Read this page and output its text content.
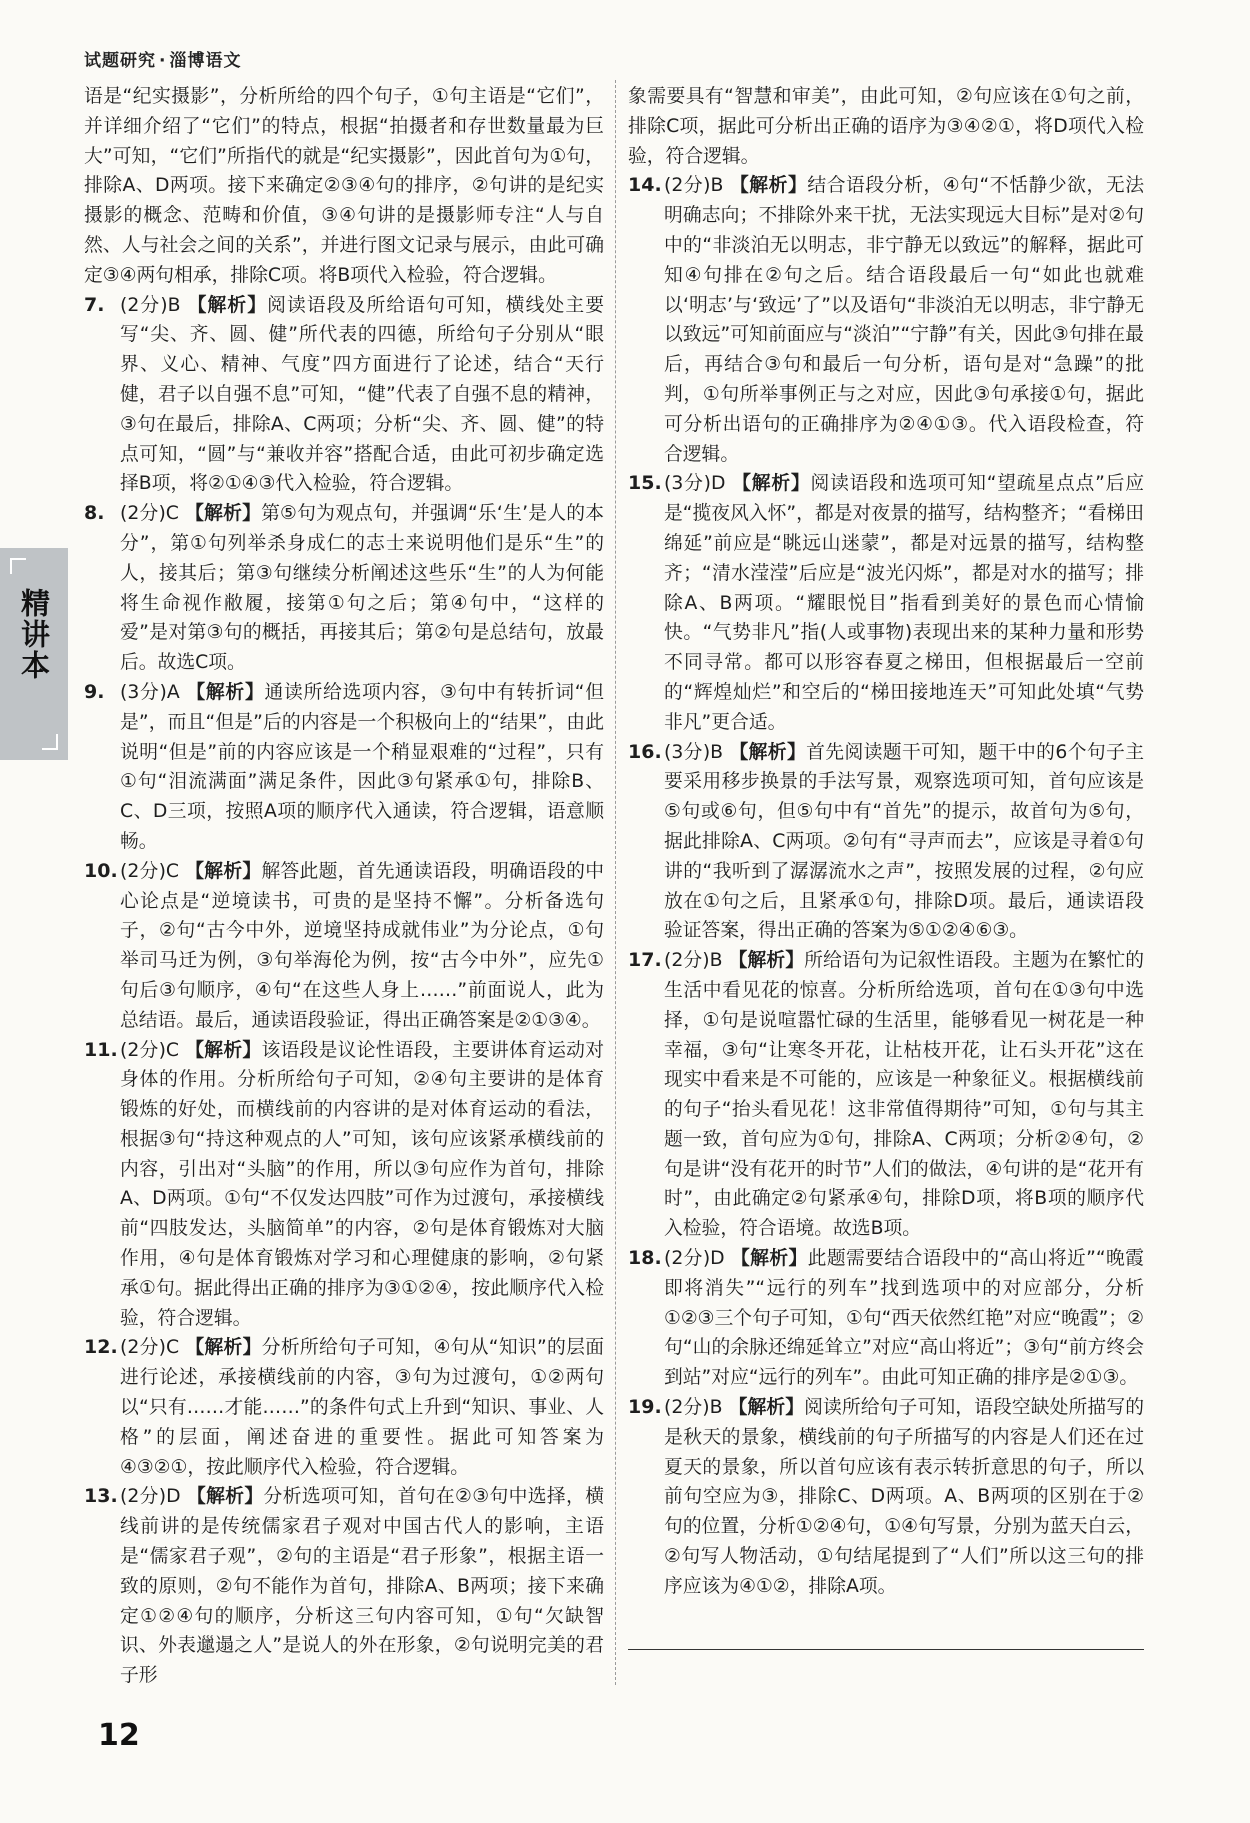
试题研究 · 淄博语文
精讲本
语是“纪实摄影”，分析所给的四个句子，①句主语是“它们”，并详细介绍了“它们”的特点，根据“拍摄者和存世数量最为巨大”可知，“它们”所指代的就是“纪实摄影”，因此首句为①句，排除A、D两项。接下来确定②③④句的排序，②句讲的是纪实摄影的概念、范畴和价值，③④句讲的是摄影师专注“人与自然、人与社会之间的关系”，并进行图文记录与展示，由此可确定③④两句相承，排除C项。将B项代入检验，符合逻辑。
7. (2分)B 【解析】阅读语段及所给语句可知，横线处主要写“尖、齐、圆、健”所代表的四德，所给句子分别从“眼界、义心、精神、气度”四方面进行了论述，结合“天行健，君子以自强不息”可知，“健”代表了自强不息的精神，③句在最后，排除A、C两项；分析“尖、齐、圆、健”的特点可知，“圆”与“兼收并容”搭配合适，由此可初步确定选择B项，将②①④③代入检验，符合逻辑。
8. (2分)C 【解析】第⑤句为观点句，并强调“乐‘生’是人的本分”，第①句列举杀身成仁的志士来说明他们是乐“生”的人，接其后；第③句继续分析阐述这些乐“生”的人为何能将生命视作敝履，接第①句之后；第④句中，“这样的爱”是对第③句的概括，再接其后；第②句是总结句，放最后。故选C项。
9. (3分)A 【解析】通读所给选项内容，③句中有转折词“但是”，而且“但是”后的内容是一个积极向上的“结果”，由此说明“但是”前的内容应该是一个稍显艰难的“过程”，只有①句“泪流满面”满足条件，因此③句紧承①句，排除B、C、D三项，按照A项的顺序代入通读，符合逻辑，语意顺畅。
10. (2分)C 【解析】解答此题，首先通读语段，明确语段的中心论点是“逆境读书，可贵的是坚持不懈”。分析备选句子，②句“古今中外，逆境坚持成就伟业”为分论点，①句举司马迁为例，③句举海伦为例，按“古今中外”，应先①句后③句顺序，④句“在这些人身上……”前面说人，此为总结语。最后，通读语段验证，得出正确答案是②①③④。
11. (2分)C 【解析】该语段是议论性语段，主要讲体育运动对身体的作用。分析所给句子可知，②④句主要讲的是体育锻炼的好处，而横线前的内容讲的是对体育运动的看法，根据③句“持这种观点的人”可知，该句应该紧承横线前的内容，引出对“头脑”的作用，所以③句应作为首句，排除A、D两项。①句“不仅发达四肢”可作为过渡句，承接横线前“四肢发达，头脑简单”的内容，②句是体育锻炼对大脑作用，④句是体育锻炼对学习和心理健康的影响，②句紧承①句。据此得出正确的排序为③①②④，按此顺序代入检验，符合逻辑。
12. (2分)C 【解析】分析所给句子可知，④句从“知识”的层面进行论述，承接横线前的内容，③句为过渡句，①②两句以“只有……才能……”的条件句式上升到“知识、事业、人格”的层面，阐述奋进的重要性。据此可知答案为④③②①，按此顺序代入检验，符合逻辑。
13. (2分)D 【解析】分析选项可知，首句在②③句中选择，横线前讲的是传统儒家君子观对中国古代人的影响，主语是“儒家君子观”，②句的主语是“君子形象”，根据主语一致的原则，②句不能作为首句，排除A、B两项；接下来确定①②④句的顺序，分析这三句内容可知，①句“欠缺智识、外表邋遢之人”是说人的外在形象，②句说明完美的君子形
象需要具有“智慧和审美”，由此可知，②句应该在①句之前，排除C项，据此可分析出正确的语序为③④②①，将D项代入检验，符合逻辑。
14. (2分)B 【解析】结合语段分析，④句“不恬静少欲，无法明确志向；不排除外来干扰，无法实现远大目标”是对②句中的“非淡泊无以明志，非宁静无以致远”的解释，据此可知④句排在②句之后。结合语段最后一句“如此也就难以‘明志’与‘致远’了”以及语句“非淡泊无以明志，非宁静无以致远”可知前面应与“淡泊”“宁静”有关，因此③句排在最后，再结合③句和最后一句分析，语句是对“急躁”的批判，①句所举事例正与之对应，因此③句承接①句，据此可分析出语句的正确排序为②④①③。代入语段检查，符合逻辑。
15. (3分)D 【解析】阅读语段和选项可知“望疏星点点”后应是“揽夜风入怀”，都是对夜景的描写，结构整齐；“看梯田绵延”前应是“眺远山迷蒙”，都是对远景的描写，结构整齐；“清水滢滢”后应是“波光闪烁”，都是对水的描写；排除A、B两项。“耀眼悦目”指看到美好的景色而心情愉快。“气势非凡”指(人或事物)表现出来的某种力量和形势不同寻常。都可以形容春夏之梯田，但根据最后一空前的“辉煌灿烂”和空后的“梯田接地连天”可知此处填“气势非凡”更合适。
16. (3分)B 【解析】首先阅读题干可知，题干中的6个句子主要采用移步换景的手法写景，观察选项可知，首句应该是⑤句或⑥句，但⑤句中有“首先”的提示，故首句为⑤句，据此排除A、C两项。②句有“寻声而去”，应该是寻着①句讲的“我听到了潺潺流水之声”，按照发展的过程，②句应放在①句之后，且紧承①句，排除D项。最后，通读语段验证答案，得出正确的答案为⑤①②④⑥③。
17. (2分)B 【解析】所给语句为记叙性语段。主题为在繁忙的生活中看见花的惊喜。分析所给选项，首句在①③句中选择，①句是说喧嚣忙碌的生活里，能够看见一树花是一种幸福，③句“让寒冬开花，让枯枝开花，让石头开花”这在现实中看来是不可能的，应该是一种象征义。根据横线前的句子“抬头看见花！这非常值得期待”可知，①句与其主题一致，首句应为①句，排除A、C两项；分析②④句，②句是讲“没有花开的时节”人们的做法，④句讲的是“花开有时”，由此确定②句紧承④句，排除D项，将B项的顺序代入检验，符合语境。故选B项。
18. (2分)D 【解析】此题需要结合语段中的“高山将近”“晚霞即将消失”“远行的列车”找到选项中的对应部分，分析①②③三个句子可知，①句“西天依然红艳”对应“晚霞”；②句“山的余脉还绵延耸立”对应“高山将近”；③句“前方终会到站”对应“远行的列车”。由此可知正确的排序是②①③。
19. (2分)B 【解析】阅读所给句子可知，语段空缺处所描写的是秋天的景象，横线前的句子所描写的内容是人们还在过夏天的景象，所以首句应该有表示转折意思的句子，所以前句空应为③，排除C、D两项。A、B两项的区别在于②句的位置，分析①②④句，①④句写景，分别为蓝天白云，②句写人物活动，①句结尾提到了“人们”所以这三句的排序应该为④①②，排除A项。
12
